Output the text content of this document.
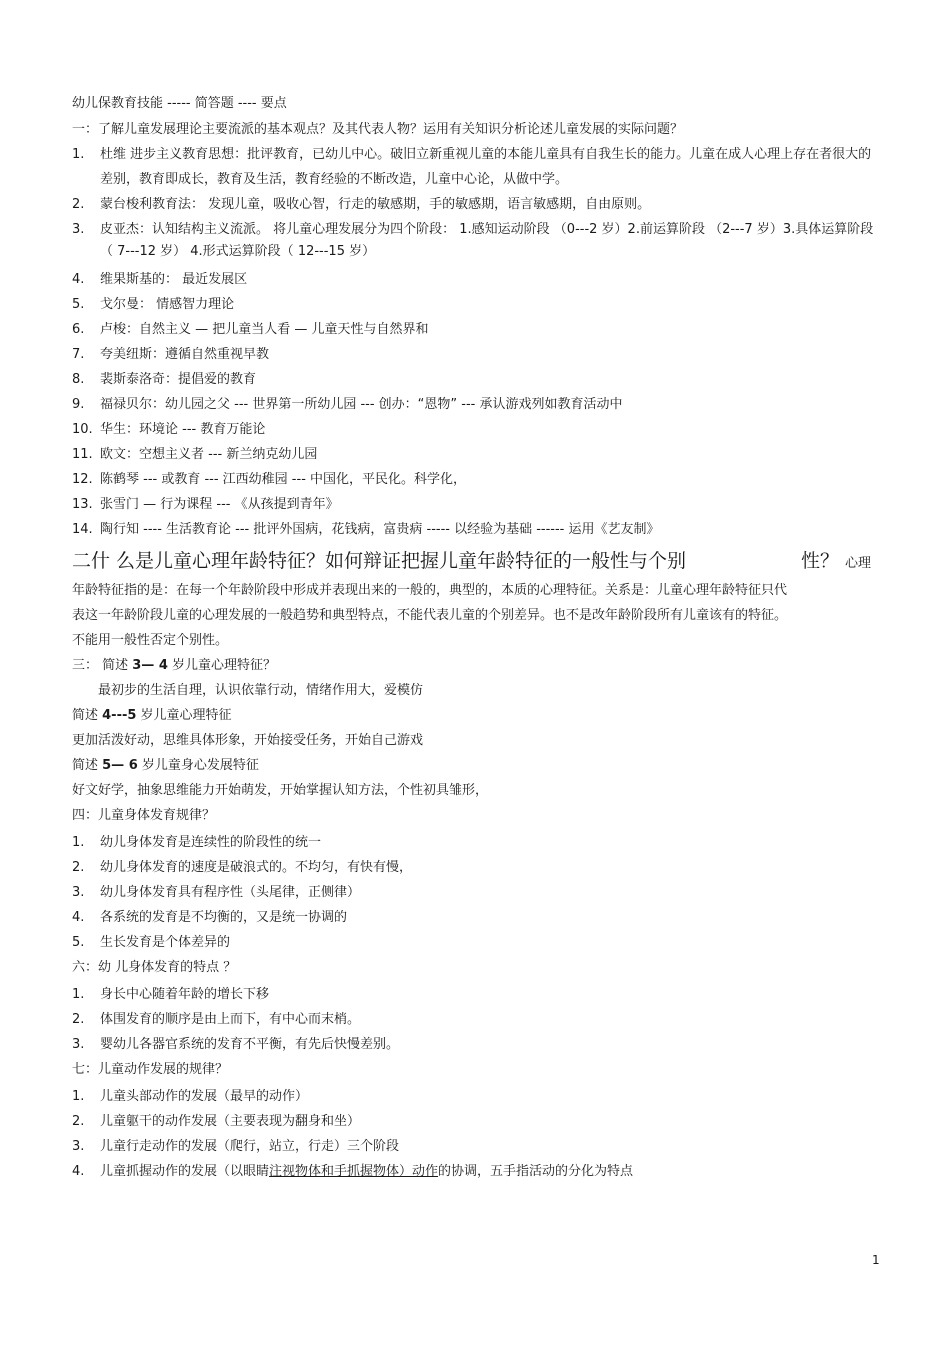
幼儿保教育技能 ----- 简答题 ---- 要点
一：了解儿童发展理论主要流派的基本观点？及其代表人物？运用有关知识分析论述儿童发展的实际问题？
1.	杜维 进步主义教育思想：批评教育，已幼儿中心。破旧立新重视儿童的本能儿童具有自我生长的能力。儿童在成人心理上存在者很大的差别，教育即成长，教育及生活，教育经验的不断改造，儿童中心论，从做中学。
2.	蒙台梭利教育法： 发现儿童，吸收心智，行走的敏感期，手的敏感期，语言敏感期，自由原则。
3.	皮亚杰：认知结构主义流派。 将儿童心理发展分为四个阶段： 1.感知运动阶段 （0---2 岁）2.前运算阶段 （2---7 岁）3.具体运算阶段（ 7---12 岁） 4.形式运算阶段（ 12---15 岁）
4.	维果斯基的： 最近发展区
5.	戈尔曼： 情感智力理论
6.	卢梭：自然主义 — 把儿童当人看 — 儿童天性与自然界和
7.	夸美纽斯：遵循自然重视早教
8.	裴斯泰洛奇：提倡爱的教育
9.	福禄贝尔：幼儿园之父 --- 世界第一所幼儿园 --- 创办：“恩物” --- 承认游戏列如教育活动中
10. 华生：环境论 --- 教育万能论
11. 欧文：空想主义者 --- 新兰纳克幼儿园
12. 陈鹤琴 --- 或教育 --- 江西幼稚园 --- 中国化，平民化。科学化，
13. 张雪门 — 行为课程 --- 《从孩提到青年》
14. 陶行知 ---- 生活教育论 --- 批评外国病，花钱病，富贵病 ----- 以经验为基础 ------ 运用《艺友制》
二什 么是儿童心理年龄特征？如何辩证把握儿童年龄特征的一般性与个别	性？ 心理
年龄特征指的是：在每一个年龄阶段中形成并表现出来的一般的，典型的，本质的心理特征。关系是：儿童心理年龄特征只代表这一年龄阶段儿童的心理发展的一般趋势和典型特点，不能代表儿童的个别差异。也不是改年龄阶段所有儿童该有的特征。不能用一般性否定个别性。
三： 简述 3— 4 岁儿童心理特征？
最初步的生活自理，认识依靠行动，情绪作用大，爱模仿
简述 4---5 岁儿童心理特征
更加活泼好动，思维具体形象，开始接受任务，开始自己游戏
简述 5— 6 岁儿童身心发展特征
好文好学，抽象思维能力开始萌发，开始掌握认知方法，个性初具雏形，
四：儿童身体发育规律？
1.	幼儿身体发育是连续性的阶段性的统一
2.	幼儿身体发育的速度是破浪式的。不均匀，有快有慢，
3.	幼儿身体发育具有程序性（头尾律，正侧律）
4.	各系统的发育是不均衡的，又是统一协调的
5.	生长发育是个体差异的
六：幼 儿身体发育的特点 ？
1.	身长中心随着年龄的增长下移
2.	体围发育的顺序是由上而下，有中心而末梢。
3.	婴幼儿各器官系统的发育不平衡，有先后快慢差别。
七：儿童动作发展的规律？
1.	儿童头部动作的发展（最早的动作）
2.	儿童躯干的动作发展（主要表现为翻身和坐）
3.	儿童行走动作的发展（爬行，站立，行走）三个阶段
4.	儿童抓握动作的发展（以眼睛注视物体和手抓握物体）动作的协调，五手指活动的分化为特点
1
